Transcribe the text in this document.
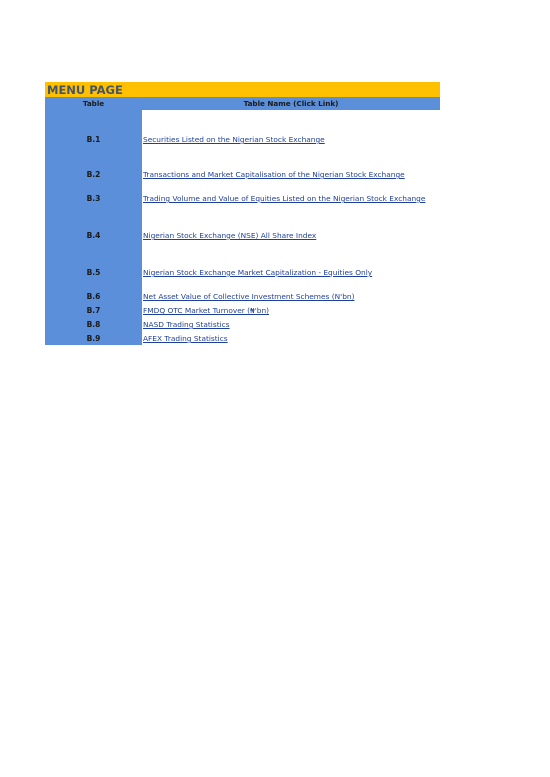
MENU PAGE
Table	Table Name (Click Link)
B.1	Securities Listed on the Nigerian Stock Exchange
B.2	Transactions and Market Capitalisation of the Nigerian Stock Exchange
B.3	Trading Volume and Value of Equities Listed on the Nigerian Stock Exchange
B.4	Nigerian Stock Exchange (NSE) All Share Index
B.5	Nigerian Stock Exchange Market Capitalization - Equities Only
B.6	Net Asset Value of Collective Investment Schemes (N'bn)
B.7	FMDQ OTC Market Turnover (₦'bn)
B.8	NASD Trading Statistics
B.9	AFEX Trading Statistics
